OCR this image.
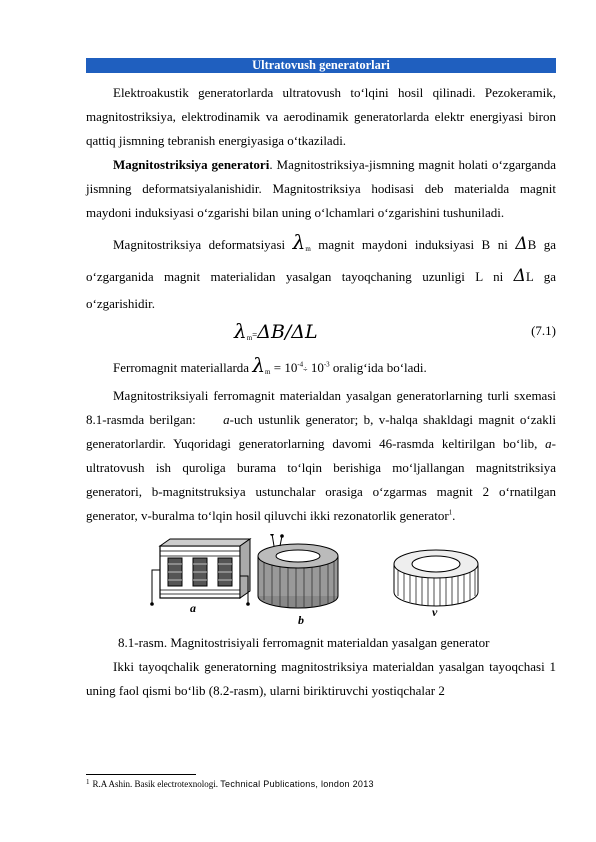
Ultratovush generatorlari

Elektroakustik generatorlarda ultratovush to‘lqini hosil qilinadi. Pezokeramik, magnitostriksiya, elektrodinamik va aerodinamik generatorlarda elektr energiyasi biron qattiq jismning tebranish energiyasiga o‘tkaziladi.

Magnitostriksiya generatori. Magnitostriksiya-jismning magnit holati o‘zgarganda jismning deformatsiyalanishidir. Magnitostriksiya hodisasi deb materialda magnit maydoni induksiyasi o‘zgarishi bilan uning o‘lchamlari o‘zgarishini tushuniladi.

Magnitostriksiya deformatsiyasi $\lambda_m$ magnit maydoni induksiyasi B ni ΔB ga o‘zgarganida magnit materialidan yasalgan tayoqchaning uzunligi L ni ΔL ga o‘zgarishidir.

$\lambda_m=\Delta B/\Delta L$	(7.1)

Ferromagnit materiallarda $\lambda_m = 10^{-4}\div 10^{-3}$ oralig‘ida bo‘ladi.

Magnitostriksiyali ferromagnit materialdan yasalgan generatorlarning turli sxemasi 8.1-rasmda berilgan: a-uch ustunlik generator; b, v-halqa shakldagi magnit o‘zakli generatorlardir. Yuqoridagi generatorlarning davomi 46-rasmda keltirilgan bo‘lib, a-ultratovush ish quroliga burama to‘lqin berishiga mo‘ljallangan magnitstriksiya generatori, b-magnitstruksiya ustunchalar orasiga o‘zgarmas magnit 2 o‘rnatilgan generator, v-buralma to‘lqin hosil qiluvchi ikki rezonatorlik generator$^1$.

a
b
v
8.1-rasm. Magnitostrisiyali ferromagnit materialdan yasalgan generator

Ikki tayoqchalik generatorning magnitostriksiya materialdan yasalgan tayoqchasi 1 uning faol qismi bo‘lib (8.2-rasm), ularni biriktiruvchi yostiqchalar 2

$^1$ R.A Ashin. Basik electrotexnologi. Technical Publications, london 2013
